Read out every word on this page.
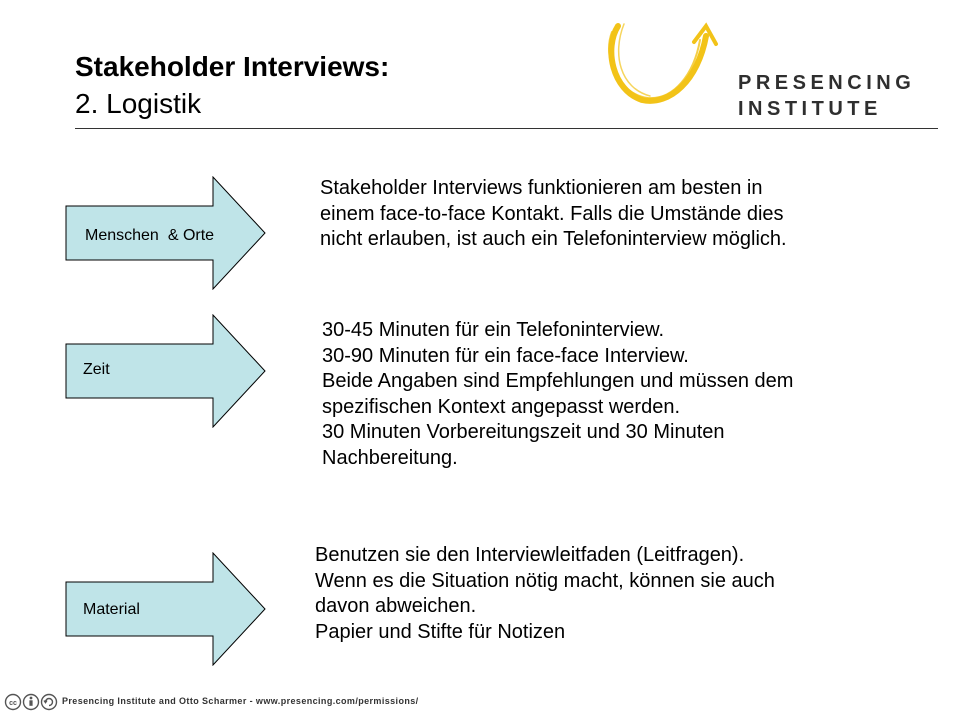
Stakeholder Interviews:
2. Logistik
PRESENCING
INSTITUTE
Menschen & Orte
Stakeholder Interviews funktionieren am besten in
einem face-to-face Kontakt. Falls die Umstände dies
nicht erlauben, ist auch ein Telefoninterview möglich.
Zeit
30-45 Minuten für ein Telefoninterview.
30-90 Minuten für ein face-face Interview.
Beide Angaben sind Empfehlungen und müssen dem
spezifischen Kontext angepasst werden.
30 Minuten Vorbereitungszeit und 30 Minuten
Nachbereitung.
Material
Benutzen sie den Interviewleitfaden (Leitfragen).
Wenn es die Situation nötig macht, können sie auch
davon abweichen.
Papier und Stifte für Notizen
cc	Presencing Institute and Otto Scharmer - www.presencing.com/permissions/
